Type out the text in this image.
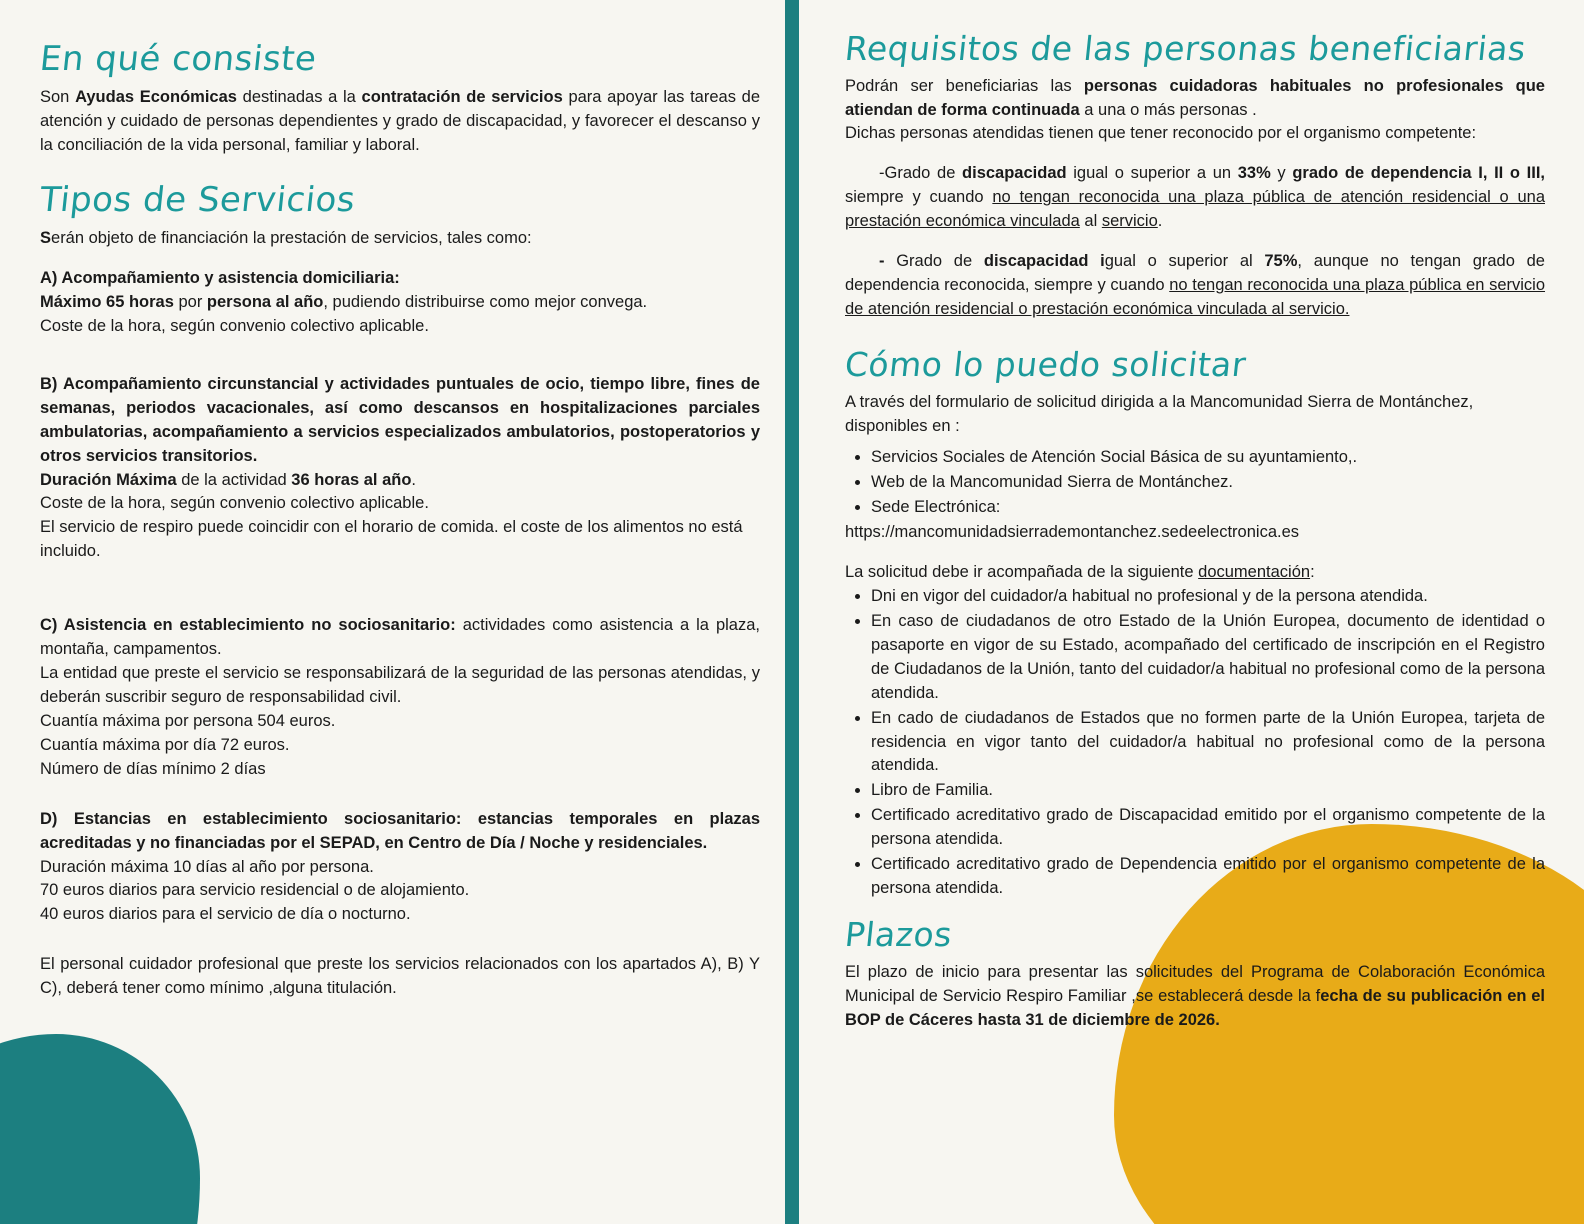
En qué consiste

Son Ayudas Económicas destinadas a la contratación de servicios para apoyar las tareas de atención y cuidado de personas dependientes y grado de discapacidad, y favorecer el descanso y la conciliación de la vida personal, familiar y laboral.

Tipos de Servicios

Serán objeto de financiación la prestación de servicios, tales como:

A) Acompañamiento y asistencia domiciliaria:

Máximo 65 horas por persona al año, pudiendo distribuirse como mejor convega.

Coste de la hora, según convenio colectivo aplicable.

B) Acompañamiento circunstancial y actividades puntuales de ocio, tiempo libre, fines de semanas, periodos vacacionales, así como descansos en hospitalizaciones parciales ambulatorias, acompañamiento a servicios especializados ambulatorios, postoperatorios y otros servicios transitorios.

Duración Máxima de la actividad 36 horas al año.

Coste de la hora, según convenio colectivo aplicable.

El servicio de respiro puede coincidir con el horario de comida. el coste de los alimentos no está incluido.

C) Asistencia en establecimiento no sociosanitario: actividades como asistencia a la plaza, montaña, campamentos.

La entidad que preste el servicio se responsabilizará de la seguridad de las personas atendidas, y deberán suscribir seguro de responsabilidad civil.

Cuantía máxima por persona 504 euros.

Cuantía máxima por día 72 euros.

Número de días mínimo 2 días

D) Estancias en establecimiento sociosanitario: estancias temporales en plazas acreditadas y no financiadas por el SEPAD, en Centro de Día / Noche y residenciales.

Duración máxima 10 días al año por persona.

70 euros diarios para servicio residencial o de alojamiento.

40 euros diarios para el servicio de día o nocturno.

El personal cuidador profesional que preste los servicios relacionados con los apartados A), B) Y C), deberá tener como mínimo ,alguna titulación.

Requisitos de las personas beneficiarias

Podrán ser beneficiarias las personas cuidadoras habituales no profesionales que atiendan de forma continuada a una o más personas .

Dichas personas atendidas tienen que tener reconocido por el organismo competente:

-Grado de discapacidad igual o superior a un 33% y grado de dependencia I, II o III, siempre y cuando no tengan reconocida una plaza pública de atención residencial o una prestación económica vinculada al servicio.

- Grado de discapacidad igual o superior al 75%, aunque no tengan grado de dependencia reconocida, siempre y cuando no tengan reconocida una plaza pública en servicio de atención residencial o prestación económica vinculada al servicio.

Cómo lo puedo solicitar

A través del formulario de solicitud dirigida a la Mancomunidad Sierra de Montánchez, disponibles en :

• Servicios Sociales de Atención Social Básica de su ayuntamiento,.
• Web de la Mancomunidad Sierra de Montánchez.
• Sede Electrónica:

https://mancomunidadsierrademontanchez.sedeelectronica.es

La solicitud debe ir acompañada de la siguiente documentación:

• Dni en vigor del cuidador/a habitual no profesional y de la persona atendida.
• En caso de ciudadanos de otro Estado de la Unión Europea, documento de identidad o pasaporte en vigor de su Estado, acompañado del certificado de inscripción en el Registro de Ciudadanos de la Unión, tanto del cuidador/a habitual no profesional como de la persona atendida.
• En cado de ciudadanos de Estados que no formen parte de la Unión Europea, tarjeta de residencia en vigor tanto del cuidador/a habitual no profesional como de la persona atendida.
• Libro de Familia.
• Certificado acreditativo grado de Discapacidad emitido por el organismo competente de la persona atendida.
• Certificado acreditativo grado de Dependencia emitido por el organismo competente de la persona atendida.
Plazos

El plazo de inicio para presentar las solicitudes del Programa de Colaboración Económica Municipal de Servicio Respiro Familiar ,se establecerá desde la fecha de su publicación en el BOP de Cáceres hasta 31 de diciembre de 2026.
